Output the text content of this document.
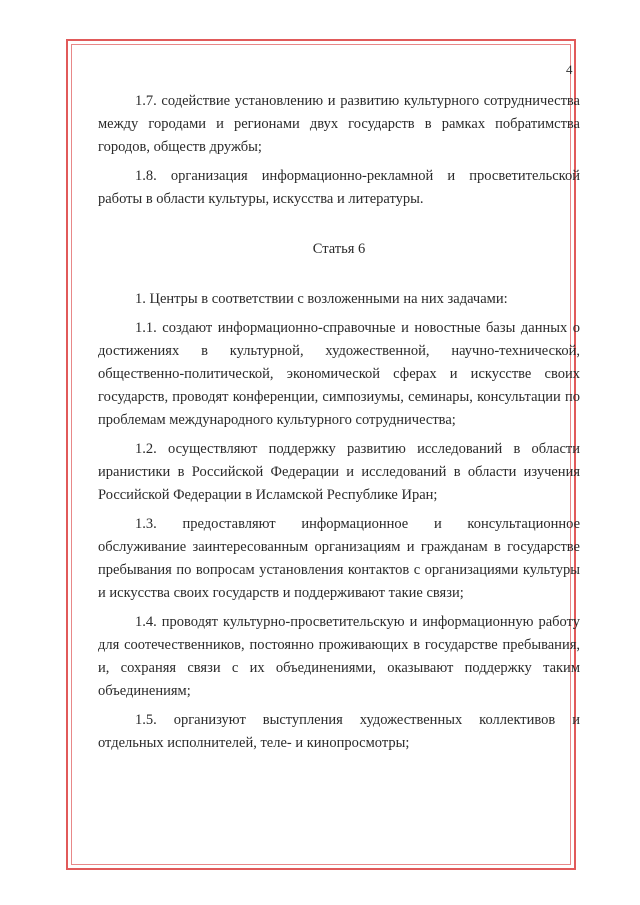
4

1.7. содействие установлению и развитию культурного сотрудничества между городами и регионами двух государств в рамках побратимства городов, обществ дружбы;

1.8. организация информационно-рекламной и просветительской работы в области культуры, искусства и литературы.

Статья 6

1. Центры в соответствии с возложенными на них задачами:

1.1. создают информационно-справочные и новостные базы данных о достижениях в культурной, художественной, научно-технической, общественно-политической, экономической сферах и искусстве своих государств, проводят конференции, симпозиумы, семинары, консультации по проблемам международного культурного сотрудничества;

1.2. осуществляют поддержку развитию исследований в области иранистики в Российской Федерации и исследований в области изучения Российской Федерации в Исламской Республике Иран;

1.3. предоставляют информационное и консультационное обслуживание заинтересованным организациям и гражданам в государстве пребывания по вопросам установления контактов с организациями культуры и искусства своих государств и поддерживают такие связи;

1.4. проводят культурно-просветительскую и информационную работу для соотечественников, постоянно проживающих в государстве пребывания, и, сохраняя связи с их объединениями, оказывают поддержку таким объединениям;

1.5. организуют выступления художественных коллективов и отдельных исполнителей, теле- и кинопросмотры;
